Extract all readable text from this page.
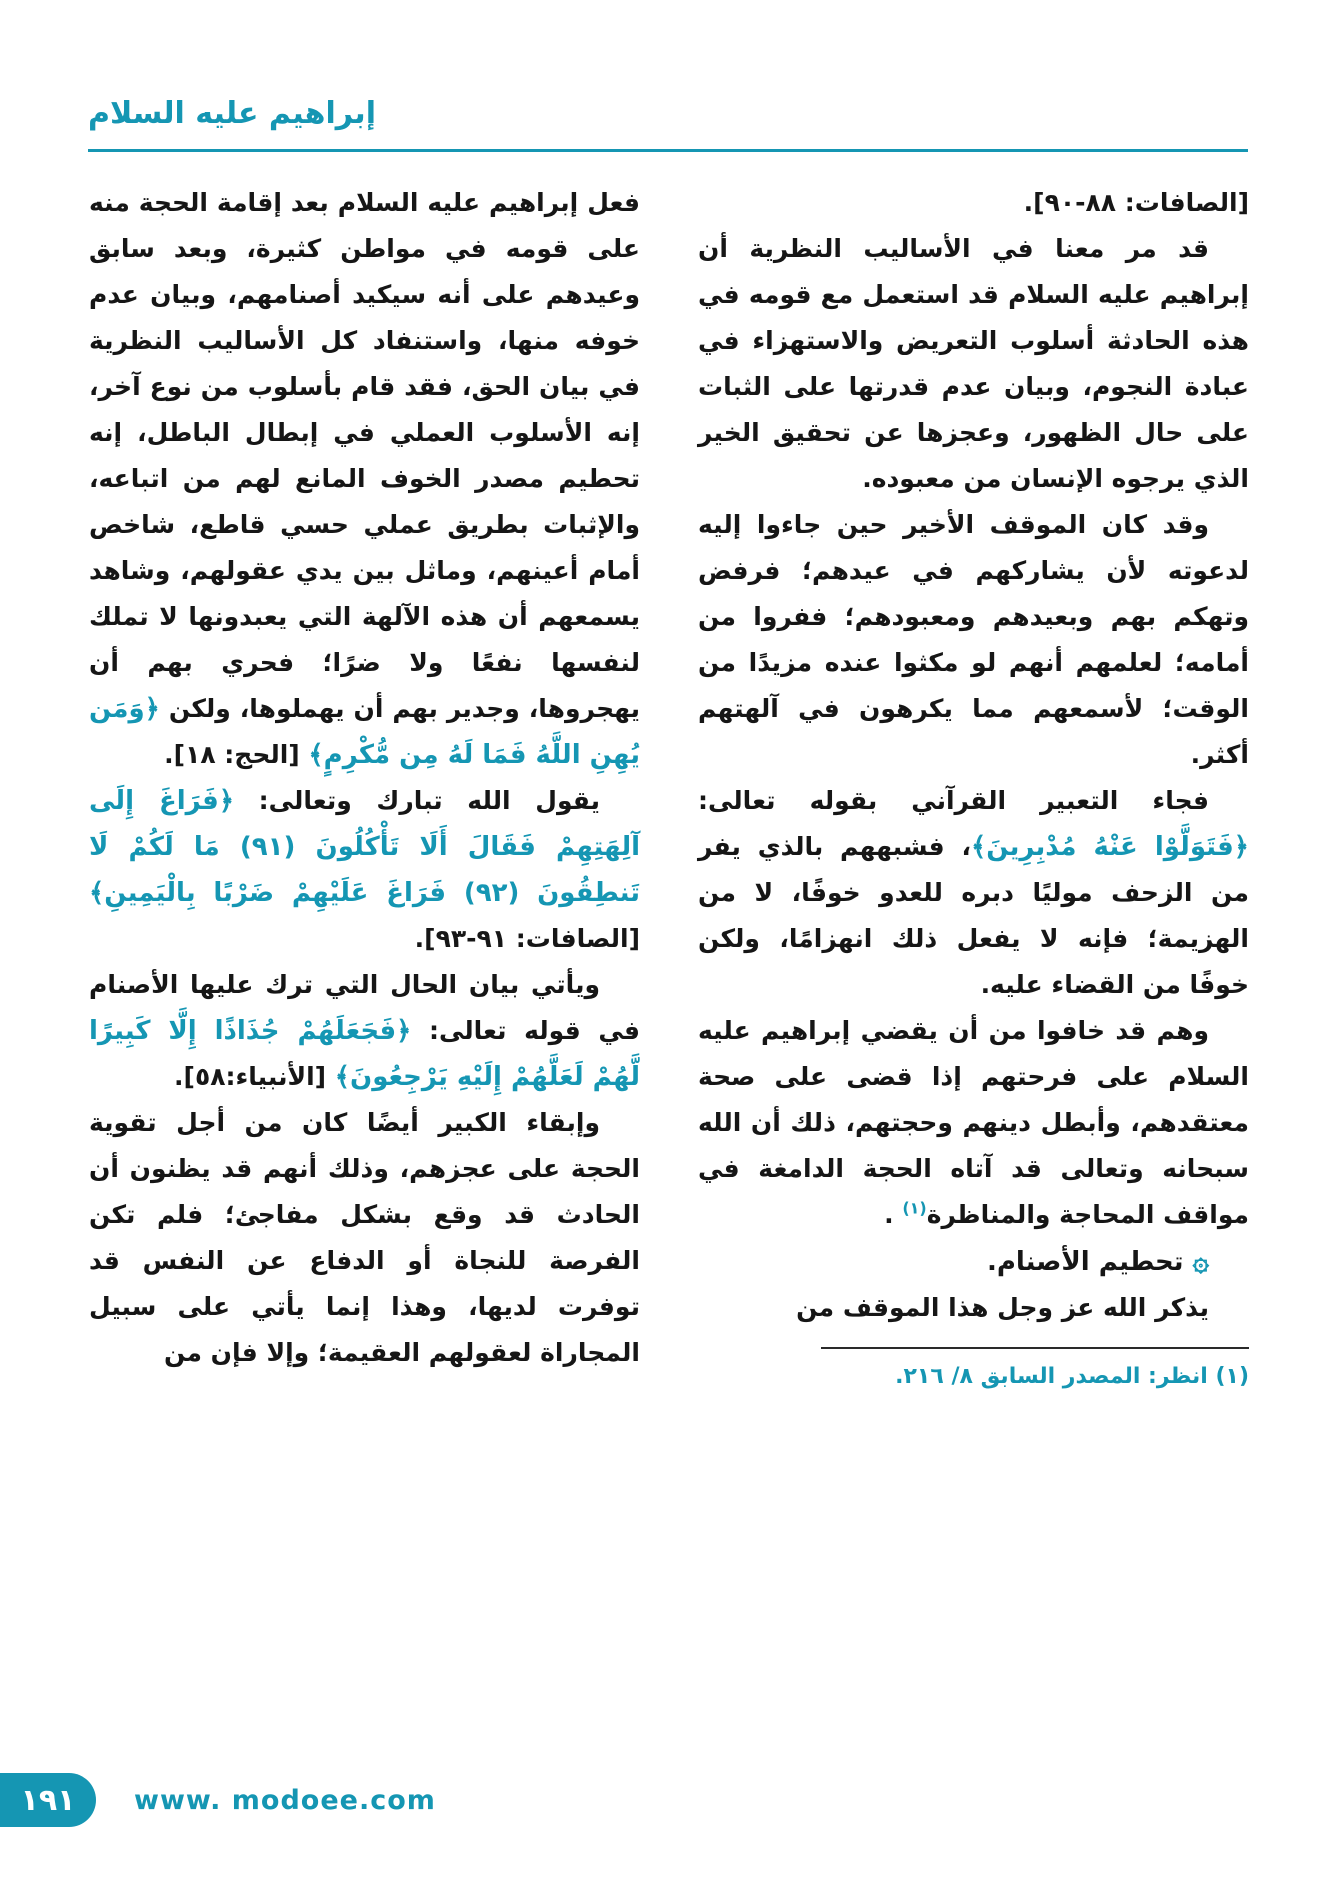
إبراهيم عليه السلام

[الصافات: ٨٨-٩٠].

قد مر معنا في الأساليب النظرية أن إبراهيم عليه السلام قد استعمل مع قومه في هذه الحادثة أسلوب التعريض والاستهزاء في عبادة النجوم، وبيان عدم قدرتها على الثبات على حال الظهور، وعجزها عن تحقيق الخير الذي يرجوه الإنسان من معبوده.

وقد كان الموقف الأخير حين جاءوا إليه لدعوته لأن يشاركهم في عيدهم؛ فرفض وتهكم بهم وبعيدهم ومعبودهم؛ ففروا من أمامه؛ لعلمهم أنهم لو مكثوا عنده مزيدًا من الوقت؛ لأسمعهم مما يكرهون في آلهتهم أكثر.

فجاء التعبير القرآني بقوله تعالى: ﴿فَتَوَلَّوْا عَنْهُ مُدْبِرِينَ﴾، فشبههم بالذي يفر من الزحف موليًا دبره للعدو خوفًا، لا من الهزيمة؛ فإنه لا يفعل ذلك انهزامًا، ولكن خوفًا من القضاء عليه.

وهم قد خافوا من أن يقضي إبراهيم عليه السلام على فرحتهم إذا قضى على صحة معتقدهم، وأبطل دينهم وحجتهم، ذلك أن الله سبحانه وتعالى قد آتاه الحجة الدامغة في مواقف المحاجة والمناظرة$^{(١)}$ .

۞ تحطيم الأصنام.

يذكر الله عز وجل هذا الموقف من

(١) انظر: المصدر السابق ٨/ ٢١٦.

فعل إبراهيم عليه السلام بعد إقامة الحجة منه على قومه في مواطن كثيرة، وبعد سابق وعيدهم على أنه سيكيد أصنامهم، وبيان عدم خوفه منها، واستنفاد كل الأساليب النظرية في بيان الحق، فقد قام بأسلوب من نوع آخر، إنه الأسلوب العملي في إبطال الباطل، إنه تحطيم مصدر الخوف المانع لهم من اتباعه، والإثبات بطريق عملي حسي قاطع، شاخص أمام أعينهم، وماثل بين يدي عقولهم، وشاهد يسمعهم أن هذه الآلهة التي يعبدونها لا تملك لنفسها نفعًا ولا ضرًا؛ فحري بهم أن يهجروها، وجدير بهم أن يهملوها، ولكن ﴿وَمَن يُهِنِ اللَّهُ فَمَا لَهُ مِن مُّكْرِمٍ﴾ [الحج: ١٨].

يقول الله تبارك وتعالى: ﴿فَرَاغَ إِلَى آلِهَتِهِمْ فَقَالَ أَلَا تَأْكُلُونَ (٩١) مَا لَكُمْ لَا تَنطِقُونَ (٩٢) فَرَاغَ عَلَيْهِمْ ضَرْبًا بِالْيَمِينِ﴾ [الصافات: ٩١-٩٣].

ويأتي بيان الحال التي ترك عليها الأصنام في قوله تعالى: ﴿فَجَعَلَهُمْ جُذَاذًا إِلَّا كَبِيرًا لَّهُمْ لَعَلَّهُمْ إِلَيْهِ يَرْجِعُونَ﴾ [الأنبياء:٥٨].

وإبقاء الكبير أيضًا كان من أجل تقوية الحجة على عجزهم، وذلك أنهم قد يظنون أن الحادث قد وقع بشكل مفاجئ؛ فلم تكن الفرصة للنجاة أو الدفاع عن النفس قد توفرت لديها، وهذا إنما يأتي على سبيل المجاراة لعقولهم العقيمة؛ وإلا فإن من

١٩١ www. modoee.com
